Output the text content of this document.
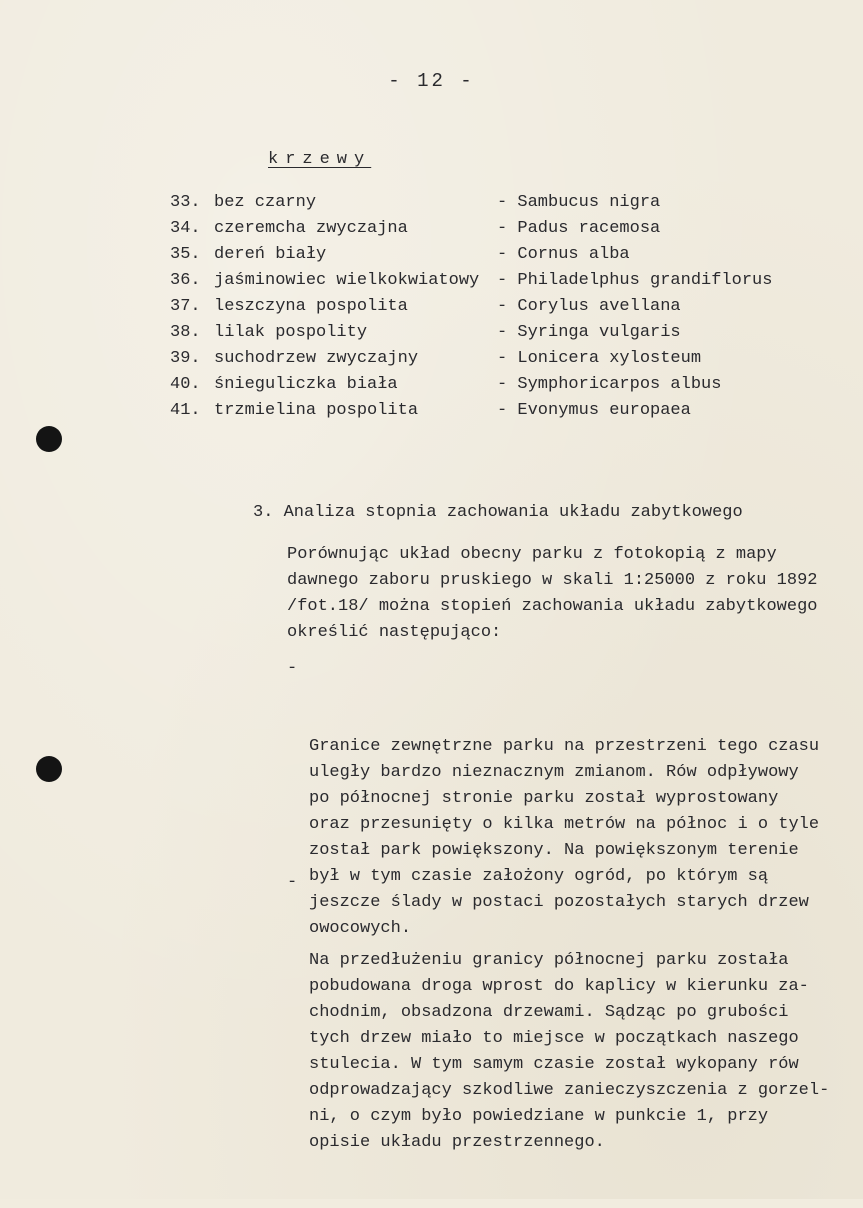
- 12 -
krzewy
33. bez czarny	- Sambucus nigra
34. czeremcha zwyczajna	- Padus racemosa
35. dereń biały	- Cornus alba
36. jaśminowiec wielkokwiatowy - Philadelphus grandiflorus
37. leszczyna pospolita	- Corylus avellana
38. lilak pospolity	- Syringa vulgaris
39. suchodrzew zwyczajny	- Lonicera xylosteum
40. śnieguliczka biała	- Symphoricarpos albus
41. trzmielina pospolita	- Evonymus europaea
3. Analiza stopnia zachowania układu zabytkowego
Porównując układ obecny parku z fotokopią z mapy
dawnego zaboru pruskiego w skali 1:25000 z roku 1892
/fot.18/ można stopień zachowania układu zabytkowego
określić następująco:

-

Granice zewnętrzne parku na przestrzeni tego czasu
uległy bardzo nieznacznym zmianom. Rów odpływowy
po północnej stronie parku został wyprostowany
oraz przesunięty o kilka metrów na północ i o tyle
został park powiększony. Na powiększonym terenie
był w tym czasie założony ogród, po którym są
jeszcze ślady w postaci pozostałych starych drzew
owocowych.

-

Na przedłużeniu granicy północnej parku została
pobudowana droga wprost do kaplicy w kierunku za-
chodnim, obsadzona drzewami. Sądząc po grubości
tych drzew miało to miejsce w początkach naszego
stulecia. W tym samym czasie został wykopany rów
odprowadzający szkodliwe zanieczyszczenia z gorzel-
ni, o czym było powiedziane w punkcie 1, przy
opisie układu przestrzennego.
